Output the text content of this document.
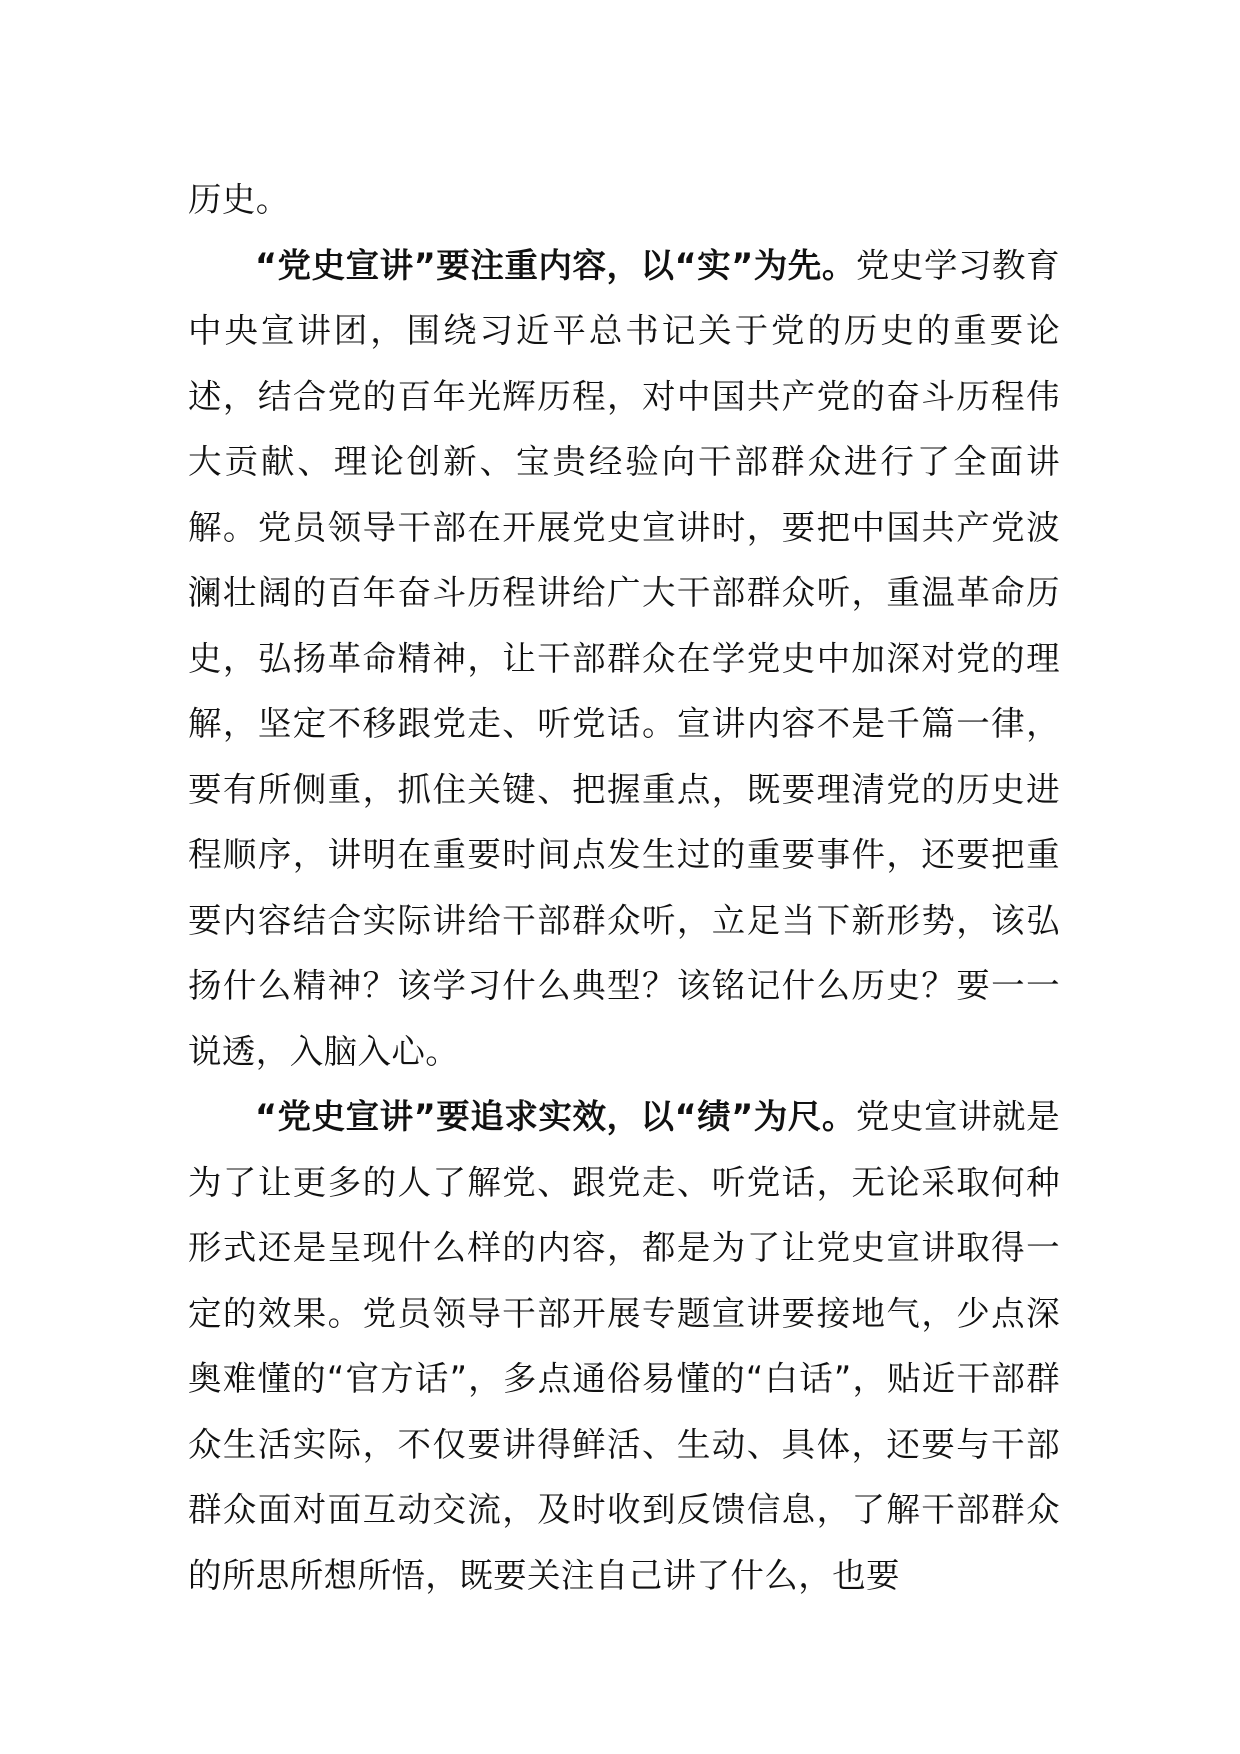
历史。

“党史宣讲”要注重内容，以“实”为先。党史学习教育中央宣讲团，围绕习近平总书记关于党的历史的重要论述，结合党的百年光辉历程，对中国共产党的奋斗历程伟大贡献、理论创新、宝贵经验向干部群众进行了全面讲解。党员领导干部在开展党史宣讲时，要把中国共产党波澜壮阔的百年奋斗历程讲给广大干部群众听，重温革命历史，弘扬革命精神，让干部群众在学党史中加深对党的理解，坚定不移跟党走、听党话。宣讲内容不是千篇一律，要有所侧重，抓住关键、把握重点，既要理清党的历史进程顺序，讲明在重要时间点发生过的重要事件，还要把重要内容结合实际讲给干部群众听，立足当下新形势，该弘扬什么精神？该学习什么典型？该铭记什么历史？要一一说透，入脑入心。

“党史宣讲”要追求实效，以“绩”为尺。党史宣讲就是为了让更多的人了解党、跟党走、听党话，无论采取何种形式还是呈现什么样的内容，都是为了让党史宣讲取得一定的效果。党员领导干部开展专题宣讲要接地气，少点深奥难懂的“官方话”，多点通俗易懂的“白话”，贴近干部群众生活实际，不仅要讲得鲜活、生动、具体，还要与干部群众面对面互动交流，及时收到反馈信息，了解干部群众的所思所想所悟，既要关注自己讲了什么，也要
